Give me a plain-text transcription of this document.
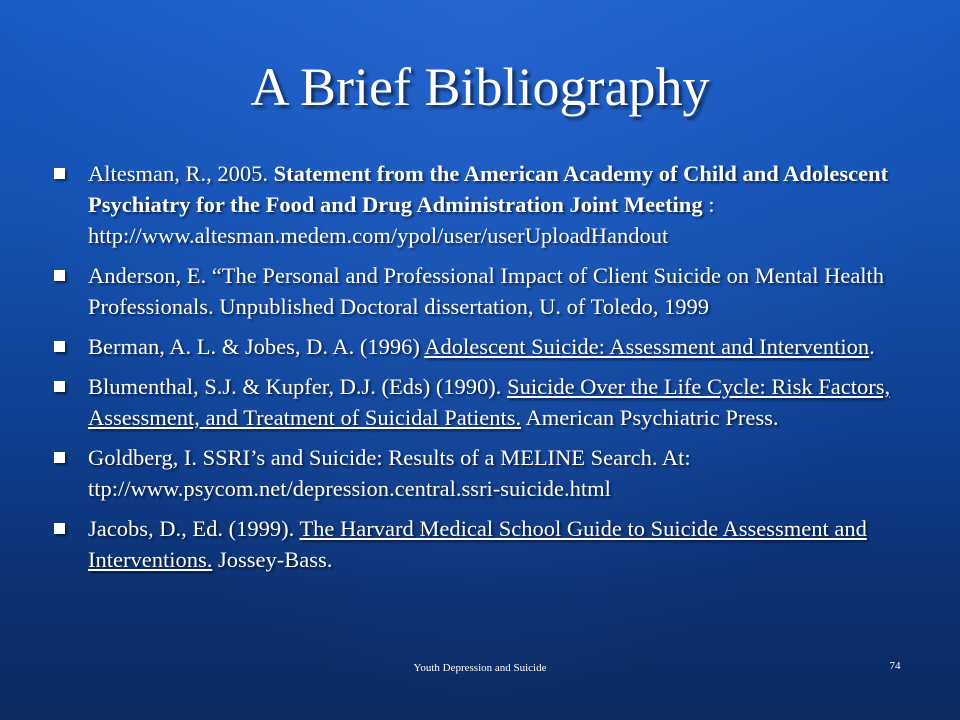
A Brief Bibliography
Altesman, R., 2005. Statement from the American Academy of Child and Adolescent Psychiatry for the Food and Drug Administration Joint Meeting : http://www.altesman.medem.com/ypol/user/userUploadHandout
Anderson, E. “The Personal and Professional Impact of Client Suicide on Mental Health Professionals. Unpublished Doctoral dissertation, U. of Toledo, 1999
Berman, A. L. & Jobes, D. A. (1996) Adolescent Suicide: Assessment and Intervention.
Blumenthal, S.J. & Kupfer, D.J. (Eds) (1990). Suicide Over the Life Cycle: Risk Factors, Assessment, and Treatment of Suicidal Patients. American Psychiatric Press.
Goldberg, I. SSRI’s and Suicide: Results of a MELINE Search. At: ttp://www.psycom.net/depression.central.ssri-suicide.html
Jacobs, D., Ed. (1999). The Harvard Medical School Guide to Suicide Assessment and Interventions. Jossey-Bass.
Youth Depression and Suicide	74
